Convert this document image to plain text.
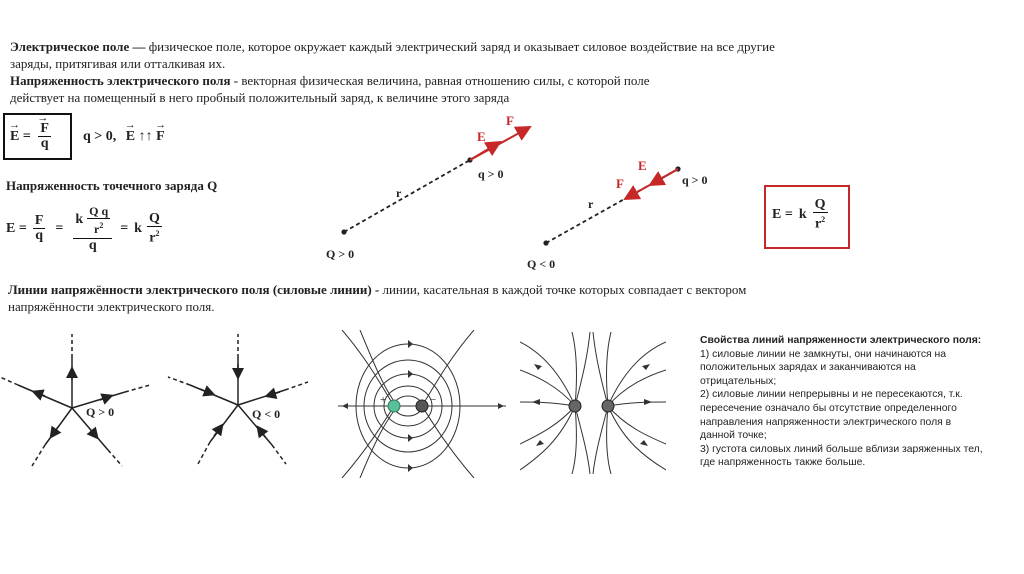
Электрическое поле — физическое поле, которое окружает каждый электрический заряд и оказывает силовое воздействие на все другие
заряды, притягивая или отталкивая их.
Напряженность электрического поля - векторная физическая величина, равная отношению силы, с которой поле
действует на помещенный в него пробный положительный заряд, к величине этого заряда
→ E = → $\frac{F}{q}$ q > 0, → E ↑↑ → F
Напряженность точечного заряда Q
$E = \frac{F}{q} = \frac{k \frac{\text{Q q}}{r^2}}{q} = k \frac{Q}{r^2}$
E
F
q > 0
r
Q > 0
E
F	q > 0
r
Q < 0
E = k $\frac{Q}{r^2}$
Линии напряжённости электрического поля (силовые линии) - линии, касательная в каждой точке которых совпадает с вектором
напряжённости электрического поля.
Q > 0	Q < 0
+	−
Свойства линий напряженности электрического поля:
1) силовые линии не замкнуты, они начинаются на
положительных зарядах и заканчиваются на
отрицательных;
2) силовые линии непрерывны и не пересекаются, т.к.
пересечение означало бы отсутствие определенного
направления напряженности электрического поля в
данной точке;
3) густота силовых линий больше вблизи заряженных тел,
где напряженность также больше.
